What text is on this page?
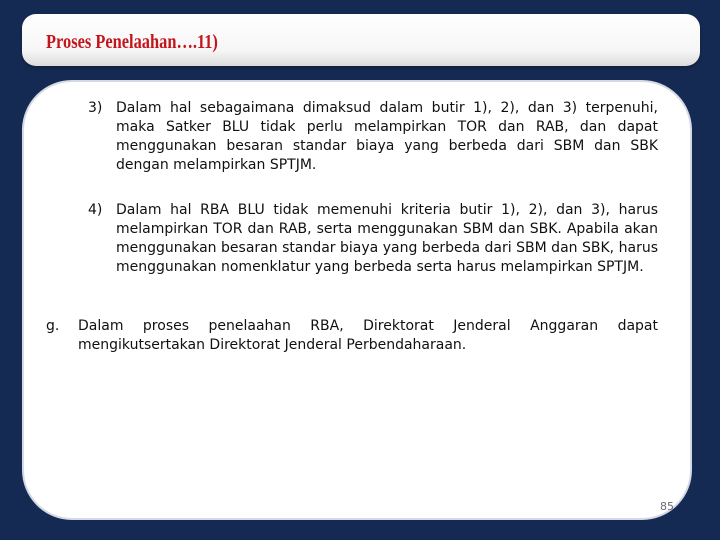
Proses Penelaahan….11)
3) Dalam hal sebagaimana dimaksud dalam butir 1), 2), dan 3) terpenuhi, maka Satker BLU tidak perlu melampirkan TOR dan RAB, dan dapat menggunakan besaran standar biaya yang berbeda dari SBM dan SBK dengan melampirkan SPTJM.
4) Dalam hal RBA BLU tidak memenuhi kriteria butir 1), 2), dan 3), harus melampirkan TOR dan RAB, serta menggunakan SBM dan SBK. Apabila akan menggunakan besaran standar biaya yang berbeda dari SBM dan SBK, harus menggunakan nomenklatur yang berbeda serta harus melampirkan SPTJM.
g. Dalam proses penelaahan RBA, Direktorat Jenderal Anggaran dapat mengikutsertakan Direktorat Jenderal Perbendaharaan.
85
